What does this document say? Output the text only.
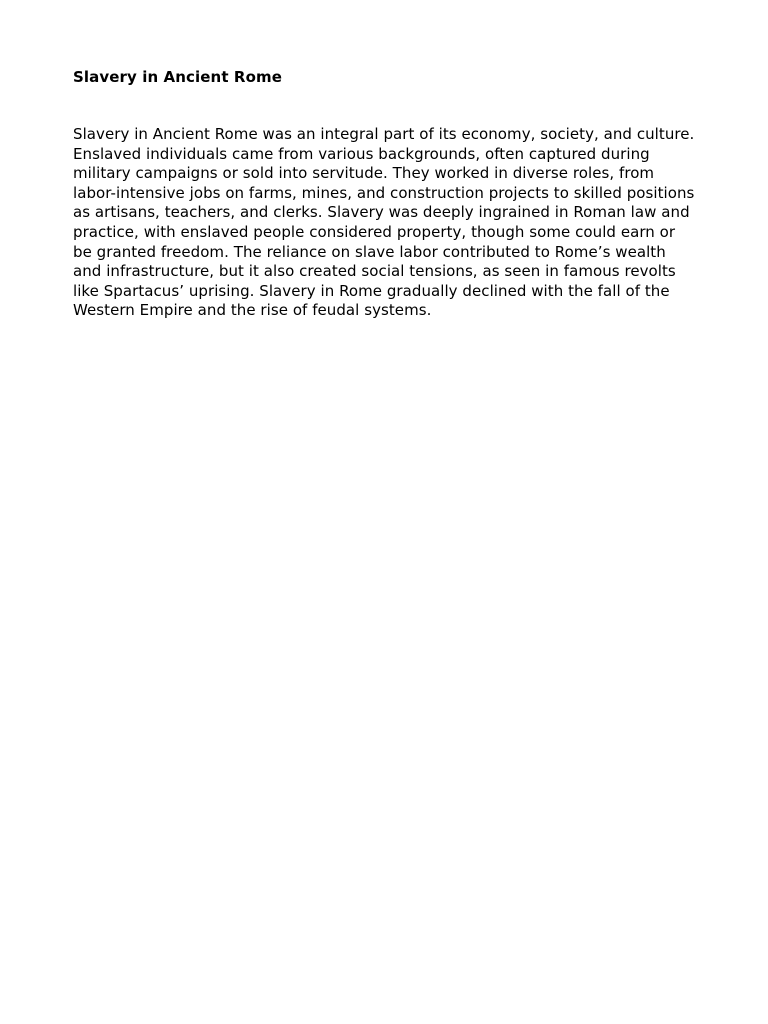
Slavery in Ancient Rome

Slavery in Ancient Rome was an integral part of its economy, society, and culture. Enslaved individuals came from various backgrounds, often captured during military campaigns or sold into servitude. They worked in diverse roles, from labor-intensive jobs on farms, mines, and construction projects to skilled positions as artisans, teachers, and clerks. Slavery was deeply ingrained in Roman law and practice, with enslaved people considered property, though some could earn or be granted freedom. The reliance on slave labor contributed to Rome’s wealth and infrastructure, but it also created social tensions, as seen in famous revolts like Spartacus’ uprising. Slavery in Rome gradually declined with the fall of the Western Empire and the rise of feudal systems.
